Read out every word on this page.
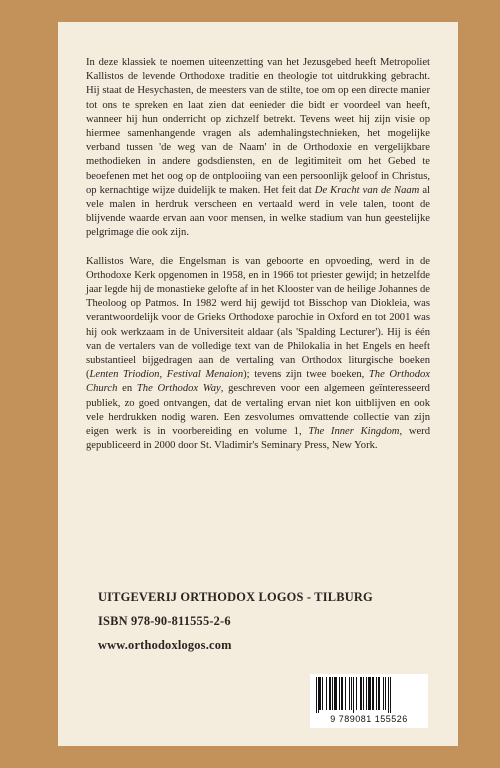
In deze klassiek te noemen uiteenzetting van het Jezusgebed heeft Metropoliet Kallistos de levende Orthodoxe traditie en theologie tot uitdrukking gebracht. Hij staat de Hesychasten, de meesters van de stilte, toe om op een directe manier tot ons te spreken en laat zien dat eenieder die bidt er voordeel van heeft, wanneer hij hun onderricht op zichzelf betrekt. Tevens weet hij zijn visie op hiermee samenhangende vragen als ademhalingstechnieken, het mogelijke verband tussen 'de weg van de Naam' in de Orthodoxie en vergelijkbare methodieken in andere godsdiensten, en de legitimiteit om het Gebed te beoefenen met het oog op de ontplooiing van een persoonlijk geloof in Christus, op kernachtige wijze duidelijk te maken. Het feit dat De Kracht van de Naam al vele malen in herdruk verscheen en vertaald werd in vele talen, toont de blijvende waarde ervan aan voor mensen, in welke stadium van hun geestelijke pelgrimage die ook zijn.

Kallistos Ware, die Engelsman is van geboorte en opvoeding, werd in de Orthodoxe Kerk opgenomen in 1958, en in 1966 tot priester gewijd; in hetzelfde jaar legde hij de monastieke gelofte af in het Klooster van de heilige Johannes de Theoloog op Patmos. In 1982 werd hij gewijd tot Bisschop van Diokleia, was verantwoordelijk voor de Grieks Orthodoxe parochie in Oxford en tot 2001 was hij ook werkzaam in de Universiteit aldaar (als 'Spalding Lecturer'). Hij is één van de vertalers van de volledige text van de Philokalia in het Engels en heeft substantieel bijgedragen aan de vertaling van Orthodox liturgische boeken (Lenten Triodion, Festival Menaion); tevens zijn twee boeken, The Orthodox Church en The Orthodox Way, geschreven voor een algemeen geïnteresseerd publiek, zo goed ontvangen, dat de vertaling ervan niet kon uitblijven en ook vele herdrukken nodig waren. Een zesvolumes omvattende collectie van zijn eigen werk is in voorbereiding en volume 1, The Inner Kingdom, werd gepubliceerd in 2000 door St. Vladimir's Seminary Press, New York.

UITGEVERIJ ORTHODOX LOGOS - TILBURG
ISBN 978-90-811555-2-6
www.orthodoxlogos.com
9 789081 155526
